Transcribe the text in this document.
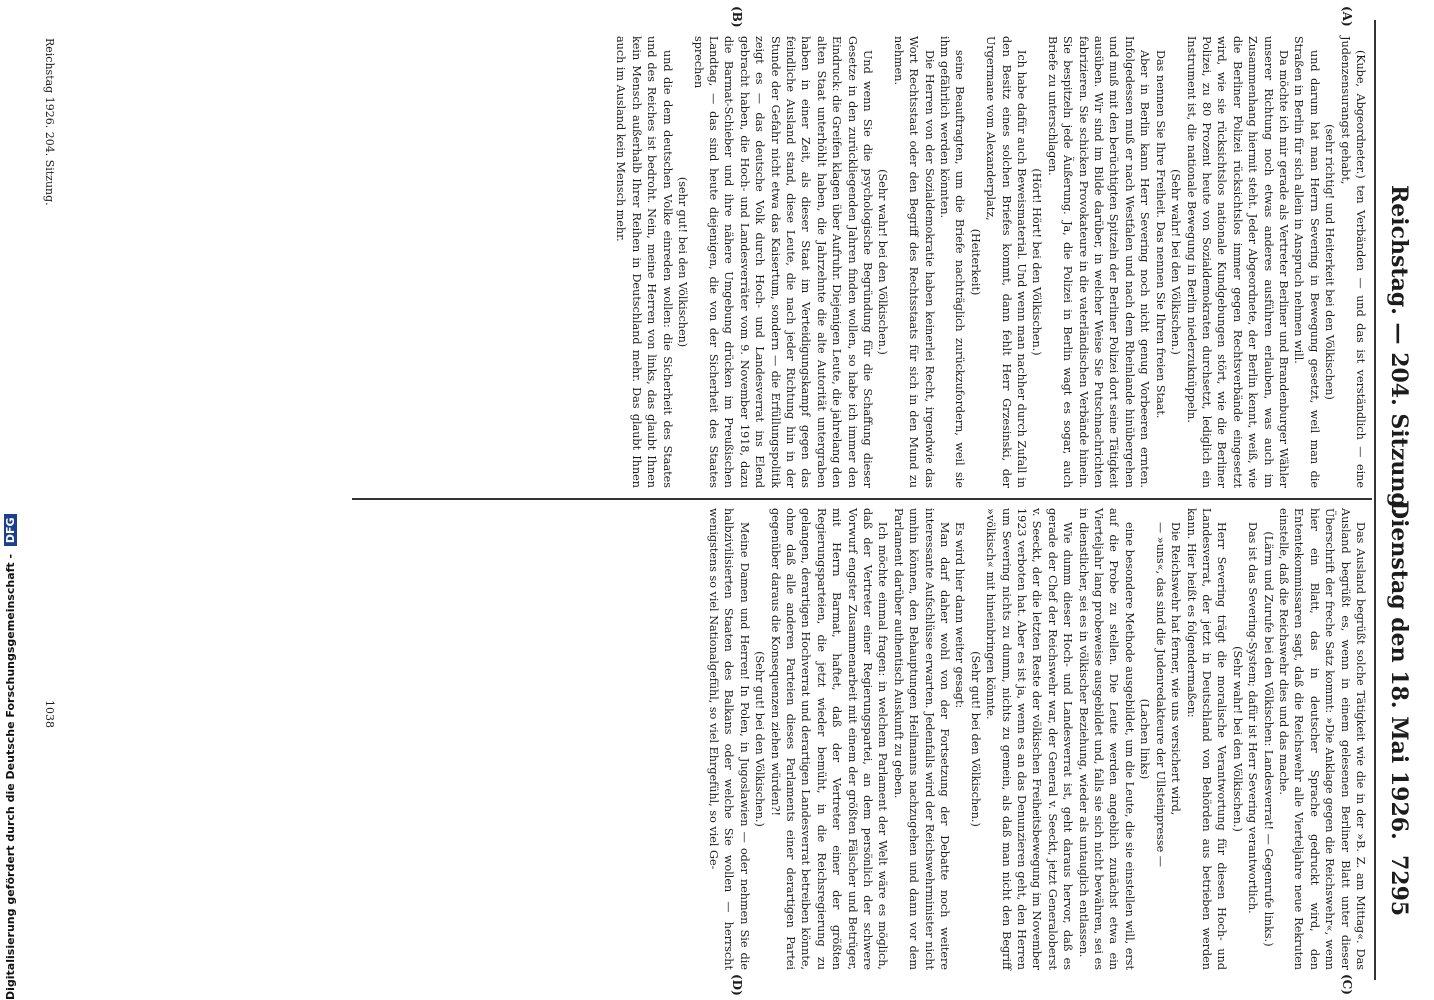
Reichstag. — 204. Sitzung.
Dienstag den 18. Mai 1926.
7295
(A)
(B)
(C)
(D)

(Kube, Abgeordneter.) ten Verbänden — und das ist verständlich — eine Judenzensurangst gehabt,

(sehr richtig! und Heiterkeit bei den Völkischen)

und darum hat man Herrn Severing in Bewegung gesetzt, weil man die Straßen in Berlin für sich allein in Anspruch nehmen will.

Da möchte ich mir gerade als Vertreter Berliner und Brandenburger Wähler unserer Richtung noch etwas anderes ausführen erlauben, was auch im Zusammenhang hiermit steht. Jeder Abgeordnete, der Berlin kennt, weiß, wie die Berliner Polizei rücksichtslos immer gegen Rechtsverbände eingesetzt wird, wie sie rücksichtslos nationale Kundgebungen stört, wie die Berliner Polizei, zu 80 Prozent heute von Sozialdemokraten durchsetzt, lediglich ein Instrument ist, die nationale Bewegung in Berlin niederzuknüppeln.

(Sehr wahr! bei den Völkischen.)

Das nennen Sie Ihre Freiheit. Das nennen Sie Ihren freien Staat.

Aber in Berlin kann Herr Severing noch nicht genug Vorbeeren ernten. Infolgedessen muß er nach Westfalen und nach dem Rheinlande hinübergehen und muß mit den berüchtigten Spitzeln der Berliner Polizei dort seine Tätigkeit ausüben. Wir sind im Bilde darüber, in welcher Weise Sie Putschnachrichten fabrizieren. Sie schicken Provokateure in die vaterländischen Verbände hinein. Sie bespitzeln jede Äußerung. Ja, die Polizei in Berlin wagt es sogar, auch Briefe zu unterschlagen.

(Hört! Hört! bei den Völkischen.)

Ich habe dafür auch Beweismaterial. Und wenn man nachher durch Zufall in den Besitz eines solchen Briefes kommt, dann fehlt Herr Grzesinski, der Urgermane vom Alexanderplatz,

(Heiterkeit)

seine Beauftragten, um die Briefe nachträglich zurückzufordern, weil sie ihm gefährlich werden könnten.

Die Herren von der Sozialdemokratie haben keinerlei Recht, irgendwie das Wort Rechtsstaat oder den Begriff des Rechtsstaats für sich in den Mund zu nehmen.

(Sehr wahr! bei den Völkischen.)

Und wenn Sie die psychologische Begründung für die Schaffung dieser Gesetze in den zurückliegenden Jahren finden wollen, so habe ich immer den Eindruck: die Greifen klagen über Aufruhr. Diejenigen Leute, die jahrelang den alten Staat unterhöhlt haben, die Jahrzehnte die alte Autorität untergraben haben in einer Zeit, als dieser Staat im Verteidigungskampf gegen das feindliche Ausland stand, diese Leute, die nach jeder Richtung hin in der Stunde der Gefahr nicht etwa das Kaisertum, sondern — die Erfüllungspolitik zeigt es — das deutsche Volk durch Hoch- und Landesverrat ins Elend gebracht haben, die Hoch- und Landesverräter vom 9. November 1918, dazu die Barmat-Schieber und ihre nähere Umgebung drücken im Preußischen Landtag, — das sind heute diejenigen, die von der Sicherheit des Staates sprechen

(sehr gut! bei den Völkischen)

und die dem deutschen Volke einreden wollen: die Sicherheit des Staates und des Reiches ist bedroht. Nein, meine Herren von links, das glaubt Ihnen kein Mensch außerhalb Ihrer Reihen in Deutschland mehr. Das glaubt Ihnen auch im Ausland kein Mensch mehr.

Das Ausland begrüßt solche Tätigkeit wie die in der »B. Z. am Mittag«. Das Ausland begrüßt es, wenn in einem gelesenen Berliner Blatt unter dieser Überschrift der freche Satz kommt: »Die Anklage gegen die Reichswehr«, wenn hier ein Blatt, das in deutscher Sprache gedruckt wird, den Ententekommissaren sagt, daß die Reichswehr alle Vierteljahre neue Rekruten einstelle, daß die Reichswehr dies und das mache.

(Lärm und Zurufe bei den Völkischen: Landesverrat! — Gegenrufe links.)

Das ist das Severing-System; dafür ist Herr Severing verantwortlich.

(Sehr wahr! bei den Völkischen.)

Herr Severing trägt die moralische Verantwortung für diesen Hoch- und Landesverrat, der jetzt in Deutschland von Behörden aus betrieben werden kann. Hier heißt es folgendermaßen:

Die Reichswehr hat ferner, wie uns versichert wird,

— »uns«, das sind die Judenredakteure der Ullsteinpresse —

(Lachen links)

eine besondere Methode ausgebildet, um die Leute, die sie einstellen will, erst auf die Probe zu stellen. Die Leute werden angeblich zunächst etwa ein Vierteljahr lang probeweise ausgebildet und, falls sie sich nicht bewähren, sei es in dienstlicher, sei es in völkischer Beziehung, wieder als untauglich entlassen.

Wie dumm dieser Hoch- und Landesverrat ist, geht daraus hervor, daß es gerade der Chef der Reichswehr war, der General v. Seeckt, jetzt Generaloberst v. Seeckt, der die letzten Reste der völkischen Freiheitsbewegung im November 1923 verboten hat. Aber es ist ja, wenn es an das Denunzieren geht, den Herren um Severing nichts zu dumm, nichts zu gemein, als daß man nicht den Begriff »völkisch« mit hineinbringen könnte.

(Sehr gut! bei den Völkischen.)

Es wird hier dann weiter gesagt:

Man darf daher wohl von der Fortsetzung der Debatte noch weitere interessante Aufschlüsse erwarten. Jedenfalls wird der Reichswehrminister nicht umhin können, den Behauptungen Heilmanns nachzugehen und dann vor dem Parlament darüber authentisch Auskunft zu geben.

Ich möchte einmal fragen: in welchem Parlament der Welt wäre es möglich, daß der Vertreter einer Regierungspartei, an dem persönlich der schwere Vorwurf engster Zusammenarbeit mit einem der größten Fälscher und Betrüger, mit Herrn Barmat, haftet, daß der Vertreter einer der größten Regierungsparteien, die jetzt wieder bemüht, in die Reichsregierung zu gelangen, derartigen Hochverrat und derartigen Landesverrat betreiben könnte, ohne daß alle anderen Parteien dieses Parlaments einer derartigen Partei gegenüber daraus die Konsequenzen ziehen würden?!

(Sehr gut! bei den Völkischen.)

Meine Damen und Herren! In Polen, in Jugoslawien — oder nehmen Sie die halbzivilisierten Staaten des Balkans oder welche Sie wollen — herrscht wenigstens so viel Nationalgefühl, so viel Ehrgefühl, so viel Ge-

Reichstag 1926. 204. Sitzung.
1038
Digitalisierung gefördert durch die Deutsche Forschungsgemeinschaft - DFG
